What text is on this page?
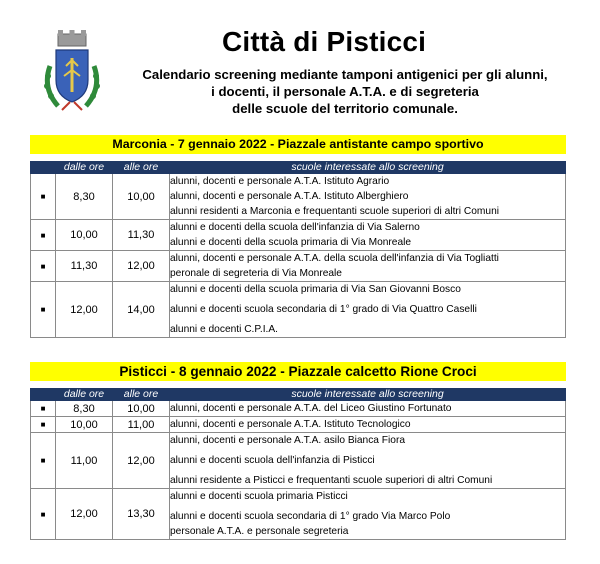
Città di Pisticci
Calendario screening mediante tamponi antigenici per gli alunni,
i docenti, il personale A.T.A. e di segreteria
delle scuole del territorio comunale.
Marconia - 7 gennaio 2022 - Piazzale antistante campo sportivo
	dalle ore	alle ore	scuole interessate allo screening
■	8,30	10,00	alunni, docenti e personale A.T.A. Istituto Agrario
alunni, docenti e personale A.T.A. Istituto Alberghiero
alunni residenti a Marconia e frequentanti scuole superiori di altri Comuni

■	10,00	11,30	alunni e docenti della scuola dell'infanzia di Via Salerno
alunni e docenti della scuola primaria di Via Monreale

■	11,30	12,00	alunni, docenti e personale A.T.A. della scuola dell'infanzia di Via Togliatti
peronale di segreteria di Via Monreale

■	12,00	14,00	alunni e docenti della scuola primaria di Via San Giovanni Bosco
alunni e docenti scuola secondaria di 1° grado di Via Quattro Caselli
alunni e docenti C.P.I.A.
Pisticci - 8 gennaio 2022 - Piazzale calcetto Rione Croci
	dalle ore	alle ore	scuole interessate allo screening
■	8,30	10,00	alunni, docenti e personale A.T.A. del Liceo Giustino Fortunato

■	10,00	11,00	alunni, docenti e personale A.T.A. Istituto Tecnologico

■	11,00	12,00	alunni, docenti e personale A.T.A. asilo Bianca Fiora
alunni e docenti scuola dell'infanzia di Pisticci
alunni residente a Pisticci e frequentanti scuole superiori di altri Comuni

■	12,00	13,30	alunni e docenti scuola primaria Pisticci
alunni e docenti scuola secondaria di 1° grado Via Marco Polo
personale A.T.A. e personale segreteria
